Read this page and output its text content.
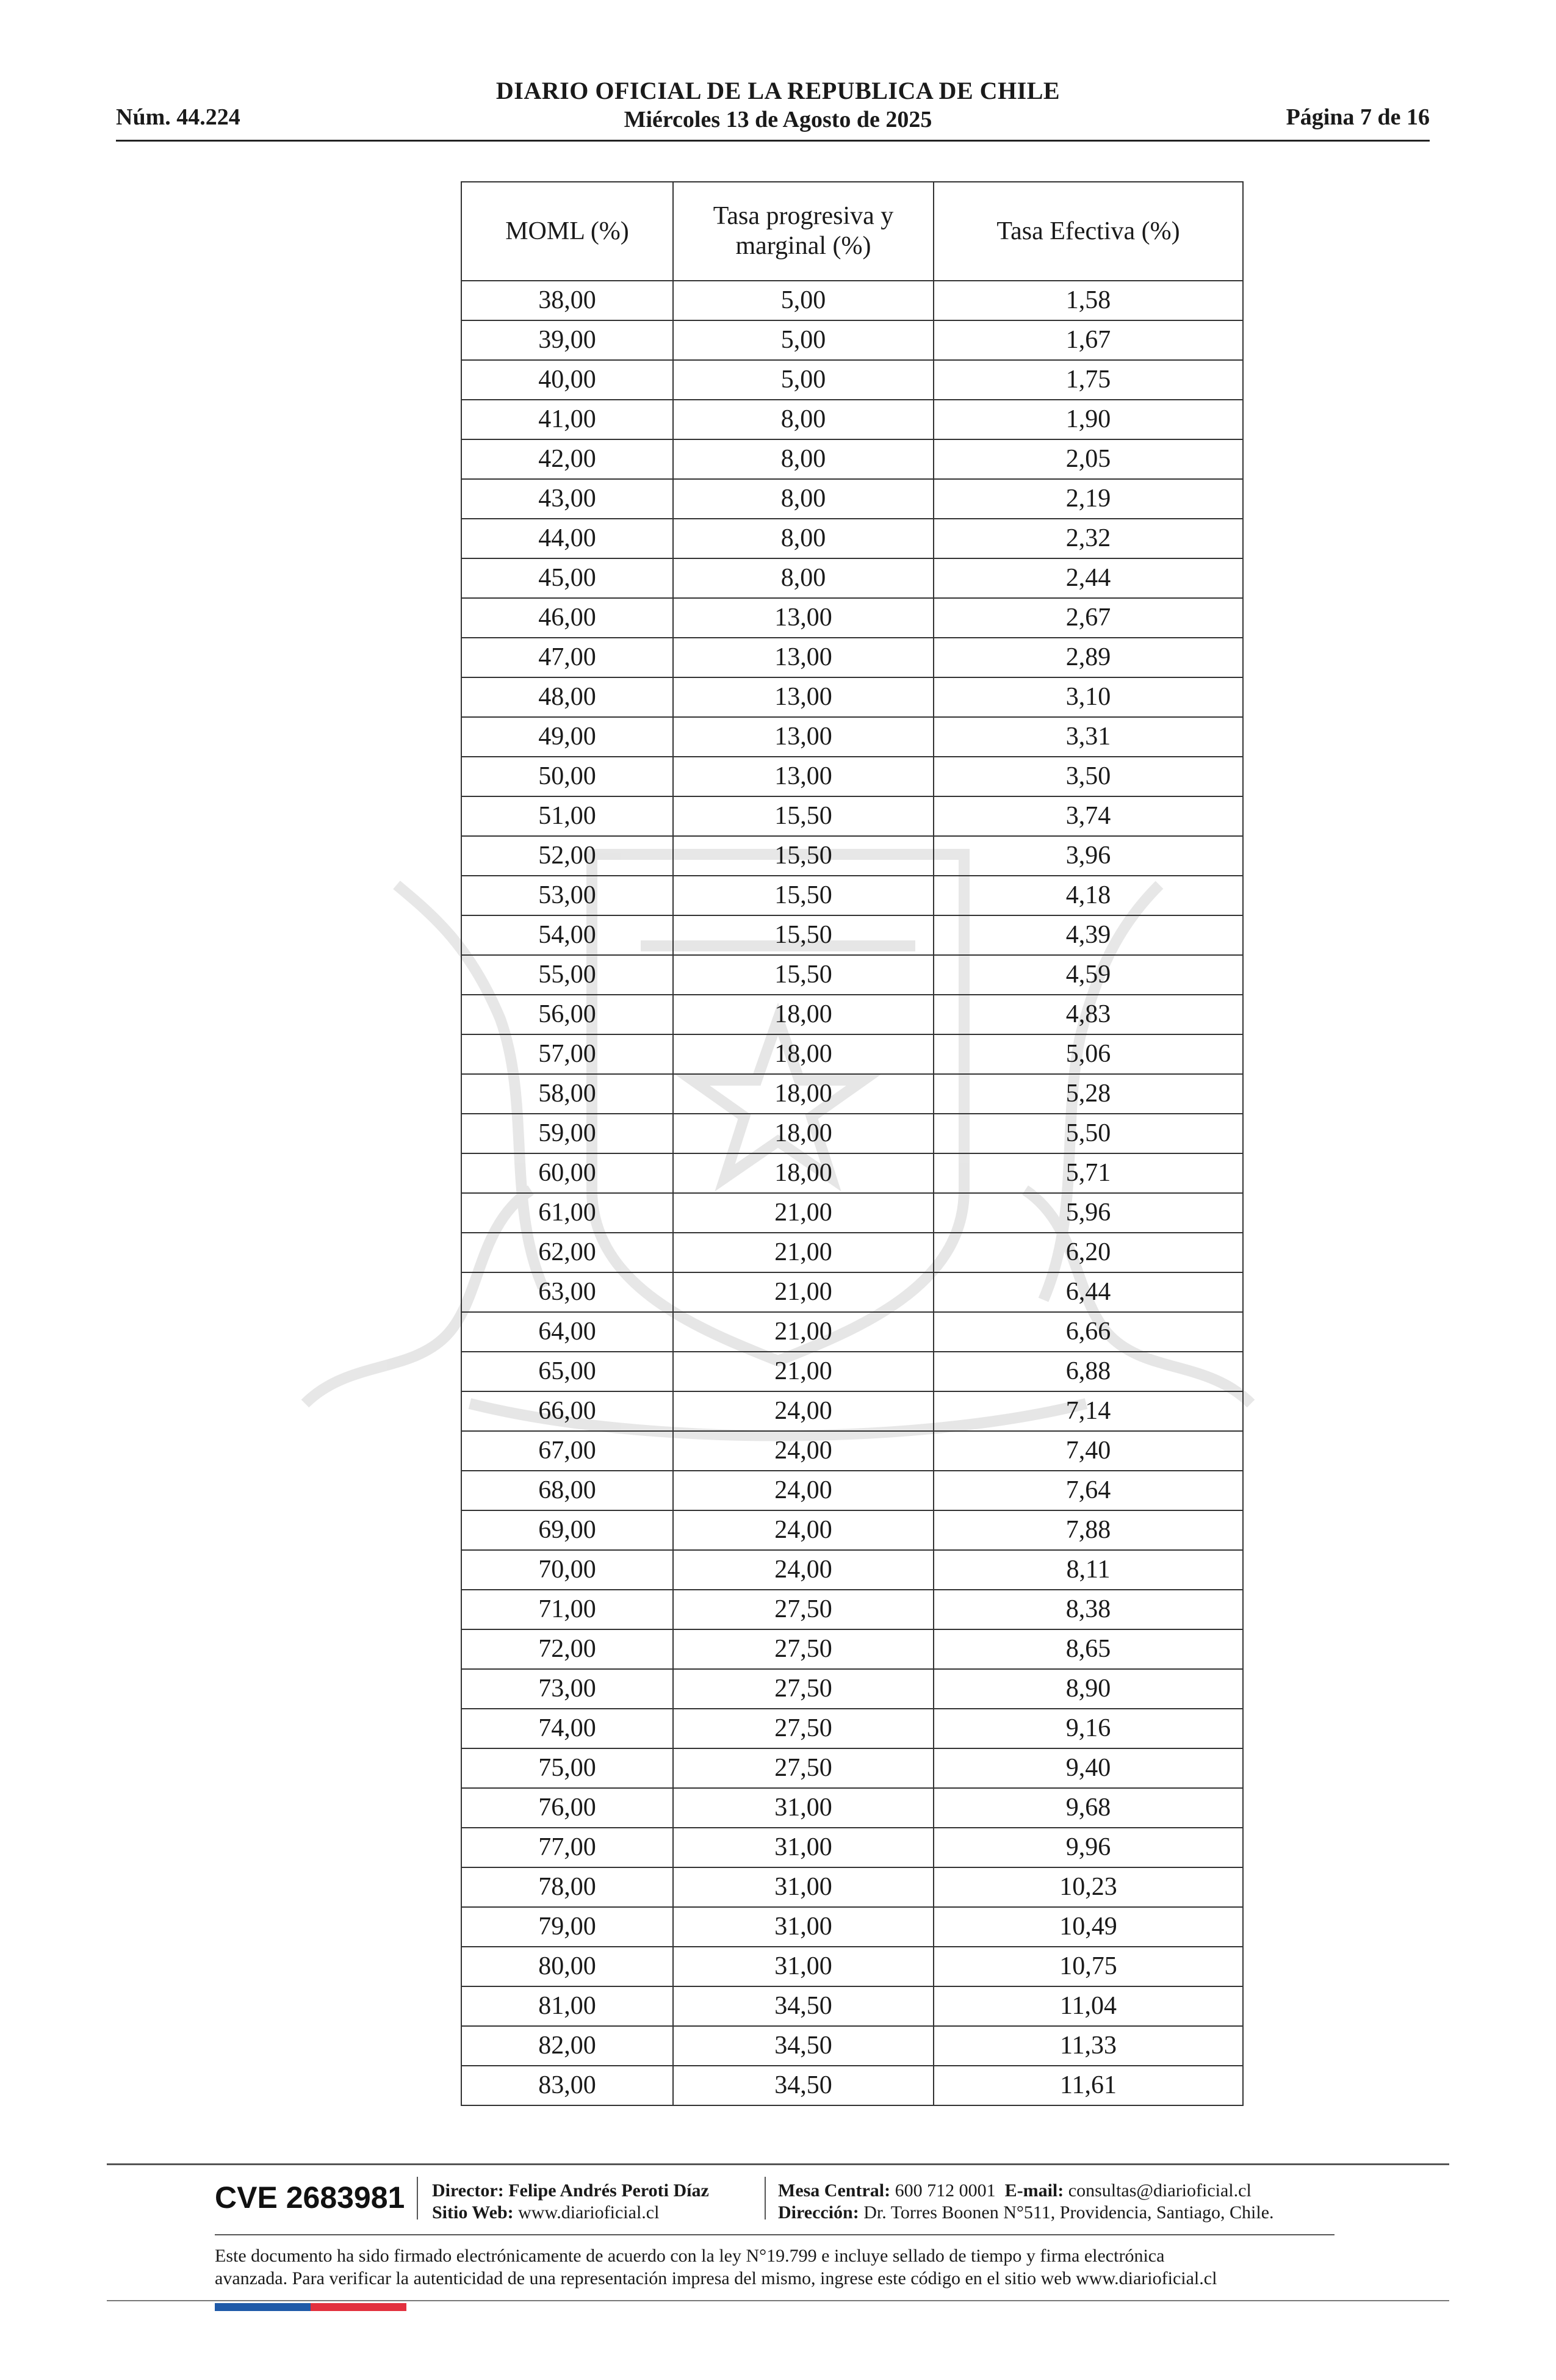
Núm. 44.224
DIARIO OFICIAL DE LA REPUBLICA DE CHILE
Miércoles 13 de Agosto de 2025	Página 7 de 16
MOML (%)	Tasa progresiva y marginal (%)	Tasa Efectiva (%)
38,00	5,00	1,58
39,00	5,00	1,67
40,00	5,00	1,75
41,00	8,00	1,90
42,00	8,00	2,05
43,00	8,00	2,19
44,00	8,00	2,32
45,00	8,00	2,44
46,00	13,00	2,67
47,00	13,00	2,89
48,00	13,00	3,10
49,00	13,00	3,31
50,00	13,00	3,50
51,00	15,50	3,74
52,00	15,50	3,96
53,00	15,50	4,18
54,00	15,50	4,39
55,00	15,50	4,59
56,00	18,00	4,83
57,00	18,00	5,06
58,00	18,00	5,28
59,00	18,00	5,50
60,00	18,00	5,71
61,00	21,00	5,96
62,00	21,00	6,20
63,00	21,00	6,44
64,00	21,00	6,66
65,00	21,00	6,88
66,00	24,00	7,14
67,00	24,00	7,40
68,00	24,00	7,64
69,00	24,00	7,88
70,00	24,00	8,11
71,00	27,50	8,38
72,00	27,50	8,65
73,00	27,50	8,90
74,00	27,50	9,16
75,00	27,50	9,40
76,00	31,00	9,68
77,00	31,00	9,96
78,00	31,00	10,23
79,00	31,00	10,49
80,00	31,00	10,75
81,00	34,50	11,04
82,00	34,50	11,33
83,00	34,50	11,61
CVE 2683981 Director: Felipe Andrés Peroti Díaz
Sitio Web: www.diarioficial.cl
Mesa Central: 600 712 0001 E-mail: consultas@diarioficial.cl
Dirección: Dr. Torres Boonen N°511, Providencia, Santiago, Chile.
Este documento ha sido firmado electrónicamente de acuerdo con la ley N°19.799 e incluye sellado de tiempo y firma electrónica
avanzada. Para verificar la autenticidad de una representación impresa del mismo, ingrese este código en el sitio web www.diarioficial.cl
